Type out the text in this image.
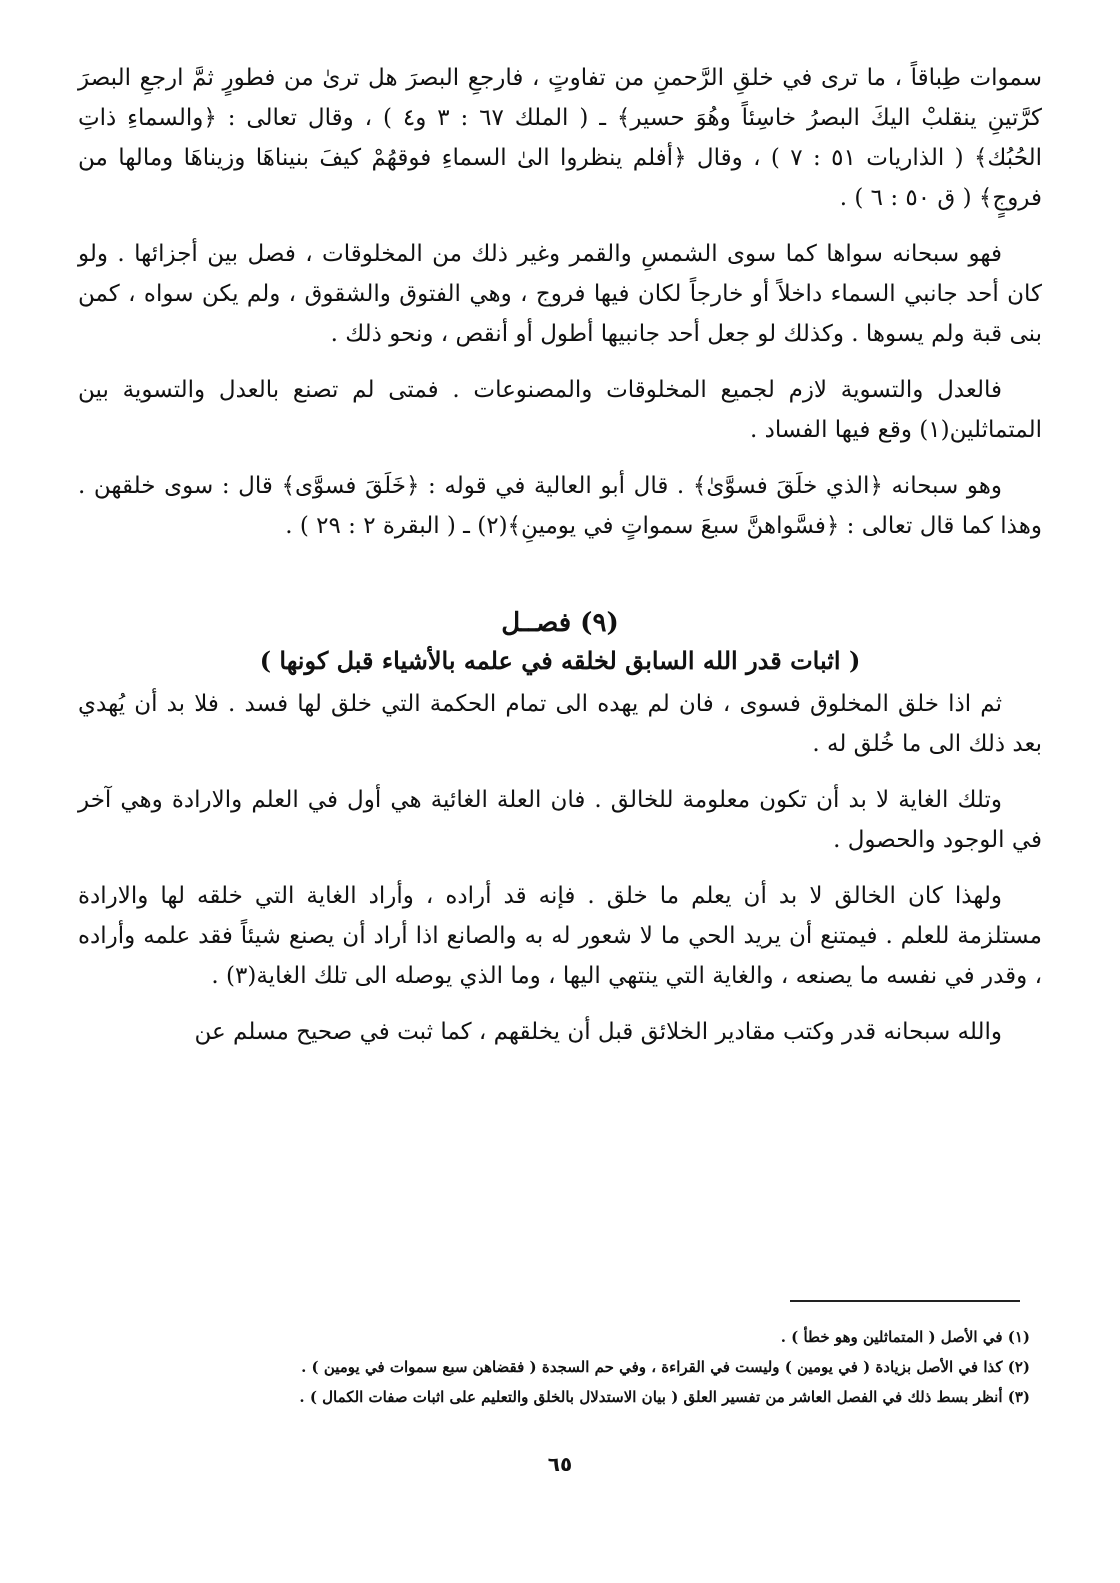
سموات طِباقاً ، ما ترى في خلقِ الرَّحمنِ من تفاوتٍ ، فارجعِ البصرَ هل ترىٰ من فطورٍ ثمَّ ارجعِ البصرَ كرَّتينِ ينقلبْ اليكَ البصرُ خاسِئاً وهُوَ حسير﴾ ـ ( الملك ٦٧ : ٣ و٤ ) ، وقال تعالى : ﴿والسماءِ ذاتِ الحُبُك﴾ ( الذاريات ٥١ : ٧ ) ، وقال ﴿أفلم ينظروا الىٰ السماءِ فوقهُمْ كيفَ بنيناهَا وزيناهَا ومالها من فروجٍ﴾ ( ق ٥٠ : ٦ ) .

فهو سبحانه سواها كما سوى الشمسِ والقمر وغير ذلك من المخلوقات ، فصل بين أجزائها . ولو كان أحد جانبي السماء داخلاً أو خارجاً لكان فيها فروج ، وهي الفتوق والشقوق ، ولم يكن سواه ، كمن بنى قبة ولم يسوها . وكذلك لو جعل أحد جانبيها أطول أو أنقص ، ونحو ذلك .

فالعدل والتسوية لازم لجميع المخلوقات والمصنوعات . فمتى لم تصنع بالعدل والتسوية بين المتماثلين(١) وقع فيها الفساد .

وهو سبحانه ﴿الذي خلَقَ فسوَّىٰ﴾ . قال أبو العالية في قوله : ﴿خَلَقَ فسوَّى﴾ قال : سوى خلقهن . وهذا كما قال تعالى : ﴿فسَّواهنَّ سبعَ سمواتٍ في يومينِ﴾(٢) ـ ( البقرة ٢ : ٢٩ ) .

(٩) فصــل
( اثبات قدر الله السابق لخلقه في علمه بالأشياء قبل كونها )

ثم اذا خلق المخلوق فسوى ، فان لم يهده الى تمام الحكمة التي خلق لها فسد . فلا بد أن يُهدي بعد ذلك الى ما خُلق له .

وتلك الغاية لا بد أن تكون معلومة للخالق . فان العلة الغائية هي أول في العلم والارادة وهي آخر في الوجود والحصول .

ولهذا كان الخالق لا بد أن يعلم ما خلق . فإنه قد أراده ، وأراد الغاية التي خلقه لها والارادة مستلزمة للعلم . فيمتنع أن يريد الحي ما لا شعور له به والصانع اذا أراد أن يصنع شيئاً فقد علمه وأراده ، وقدر في نفسه ما يصنعه ، والغاية التي ينتهي اليها ، وما الذي يوصله الى تلك الغاية(٣) .

والله سبحانه قدر وكتب مقادير الخلائق قبل أن يخلقهم ، كما ثبت في صحيح مسلم عن

(١) في الأصل ( المتماثلين وهو خطأ ) .

(٢) كذا في الأصل بزيادة ( في يومين ) وليست في القراءة ، وفي حم السجدة ( فقضاهن سبع سموات في يومين ) .

(٣) أنظر بسط ذلك في الفصل العاشر من تفسير العلق ( بيان الاستدلال بالخلق والتعليم على اثبات صفات الكمال ) .

٦٥
